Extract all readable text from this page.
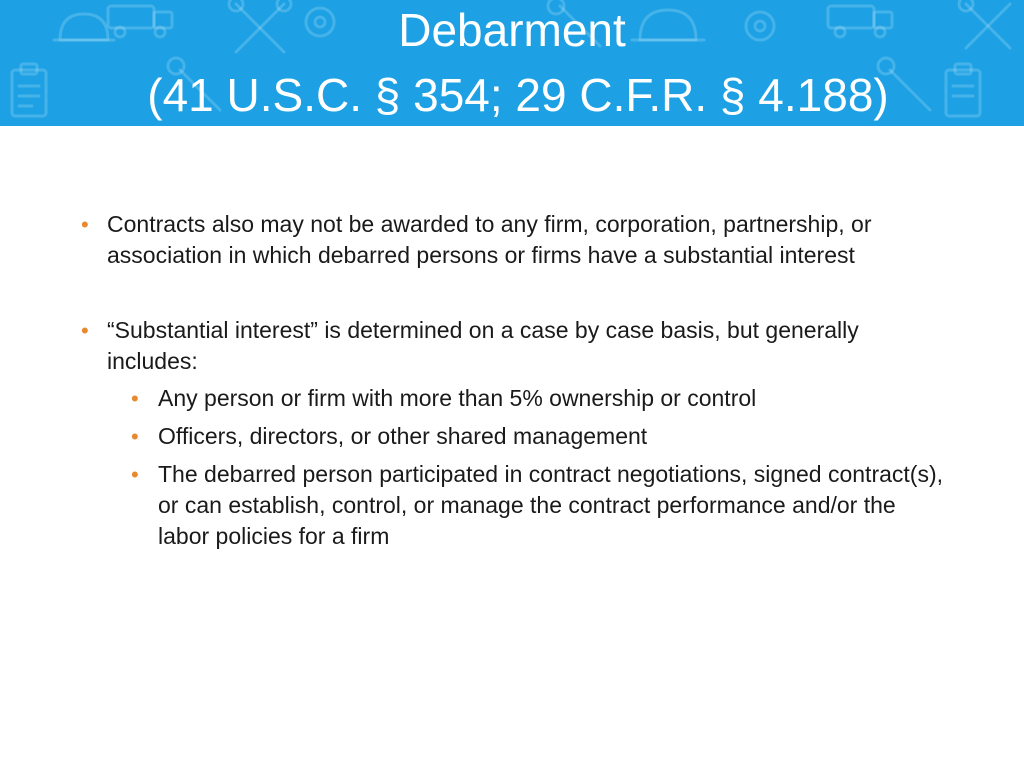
Debarment
(41 U.S.C. § 354; 29 C.F.R. § 4.188)
• Contracts also may not be awarded to any firm, corporation, partnership, or association in which debarred persons or firms have a substantial interest
• “Substantial interest” is determined on a case by case basis, but generally includes:
• Any person or firm with more than 5% ownership or control
• Officers, directors, or other shared management
• The debarred person participated in contract negotiations, signed contract(s), or can establish, control, or manage the contract performance and/or the labor policies for a firm
